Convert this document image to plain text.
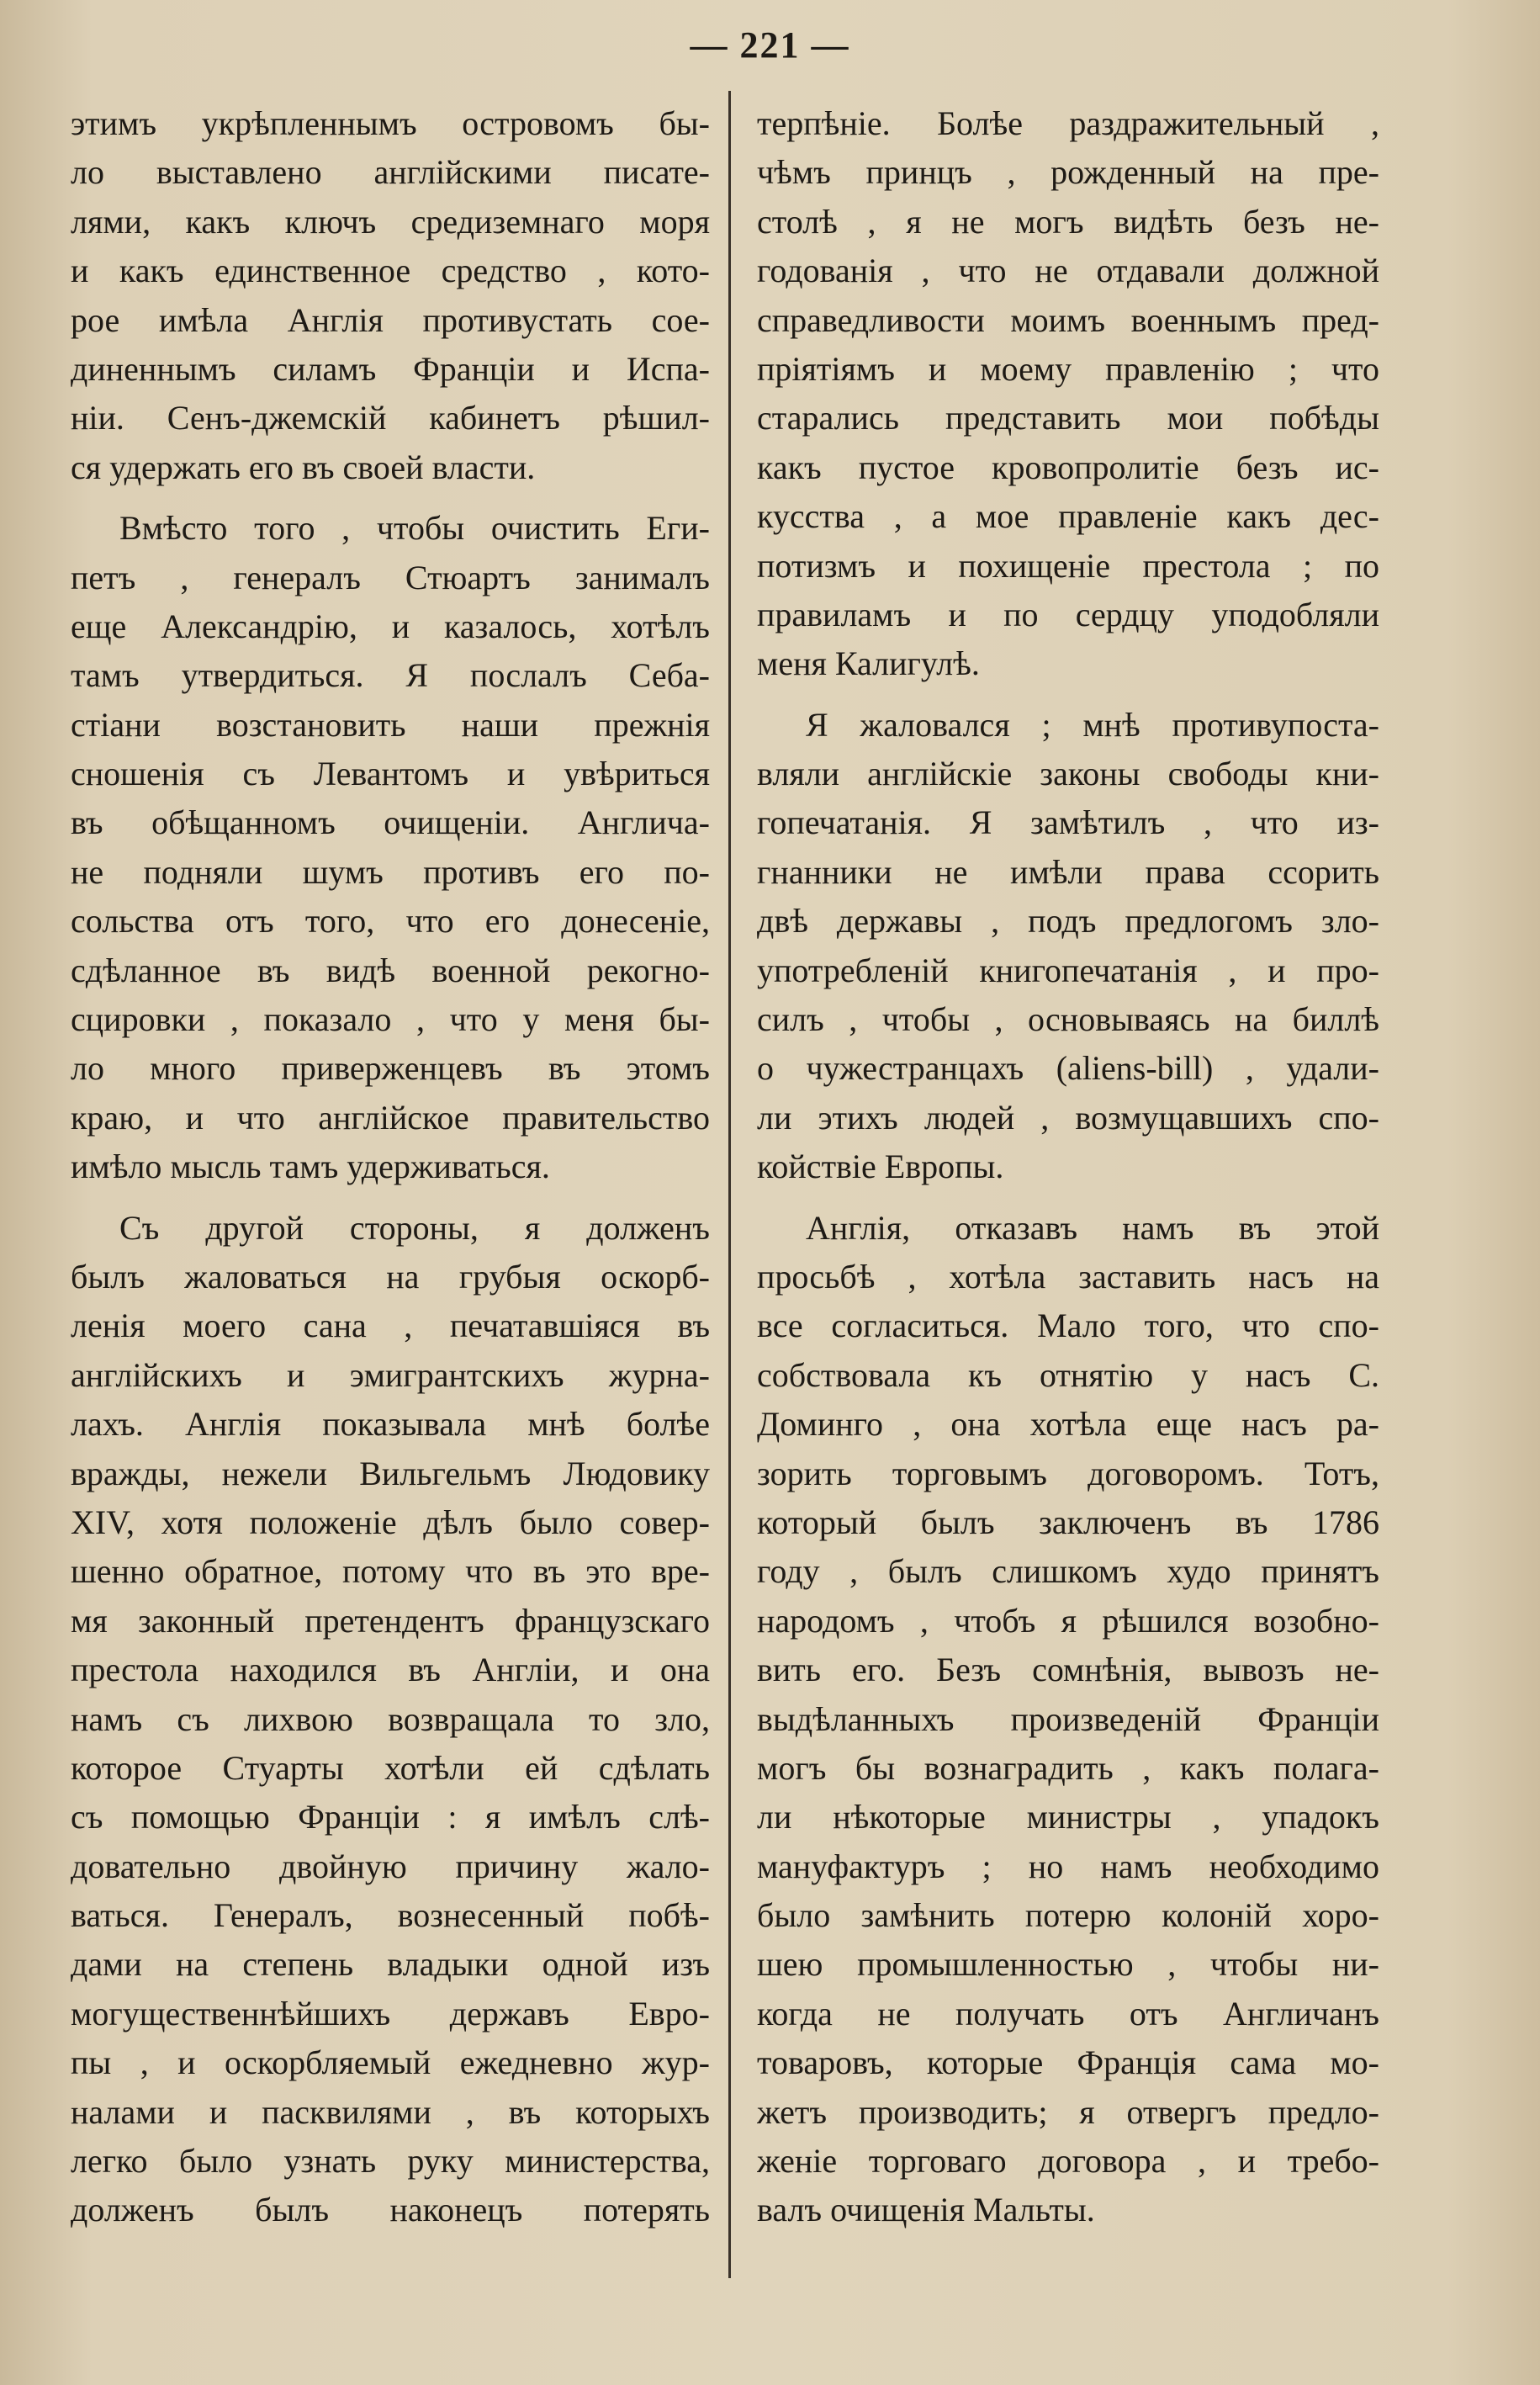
— 221 —
этимъ укрѣпленнымъ островомъ бы-
ло выставлено англійскими писате-
лями, какъ ключъ средиземнаго моря
и какъ единственное средство , кото-
рое имѣла Англія противустать сое-
диненнымъ силамъ Франціи и Испа-
ніи. Сенъ-джемскій кабинетъ рѣшил-
ся удержать его въ своей власти.
Вмѣсто того , чтобы очистить Еги-
петъ , генералъ Стюартъ занималъ
еще Александрію, и казалось, хотѣлъ
тамъ утвердиться. Я послалъ Себа-
стіани возстановить наши прежнія
сношенія съ Левантомъ и увѣриться
въ обѣщанномъ очищеніи. Англича-
не подняли шумъ противъ его по-
сольства отъ того, что его донесеніе,
сдѣланное въ видѣ военной рекогно-
сцировки , показало , что у меня бы-
ло много приверженцевъ въ этомъ
краю, и что англійское правительство
имѣло мысль тамъ удерживаться.
Съ другой стороны, я долженъ
былъ жаловаться на грубыя оскорб-
ленія моего сана , печатавшіяся въ
англійскихъ и эмигрантскихъ журна-
лахъ. Англія показывала мнѣ болѣе
вражды, нежели Вильгельмъ Людовику
XIV, хотя положеніе дѣлъ было совер-
шенно обратное, потому что въ это вре-
мя законный претендентъ французскаго
престола находился въ Англіи, и она
намъ съ лихвою возвращала то зло,
которое Стуарты хотѣли ей сдѣлать
съ помощью Франціи : я имѣлъ слѣ-
довательно двойную причину жало-
ваться. Генералъ, вознесенный побѣ-
дами на степень владыки одной изъ
могущественнѣйшихъ державъ Евро-
пы , и оскорбляемый ежедневно жур-
налами и пасквилями , въ которыхъ
легко было узнать руку министерства,
долженъ былъ наконецъ потерять
терпѣніе. Болѣе раздражительный ,
чѣмъ принцъ , рожденный на пре-
столѣ , я не могъ видѣть безъ не-
годованія , что не отдавали должной
справедливости моимъ военнымъ пред-
пріятіямъ и моему правленію ; что
старались представить мои побѣды
какъ пустое кровопролитіе безъ ис-
кусства , а мое правленіе какъ дес-
потизмъ и похищеніе престола ; по
правиламъ и по сердцу уподобляли
меня Калигулѣ.
Я жаловался ; мнѣ противупоста-
вляли англійскіе законы свободы кни-
гопечатанія. Я замѣтилъ , что из-
гнанники не имѣли права ссорить
двѣ державы , подъ предлогомъ зло-
употребленій книгопечатанія , и про-
силъ , чтобы , основываясь на биллѣ
о чужестранцахъ (aliens-bill) , удали-
ли этихъ людей , возмущавшихъ спо-
койствіе Европы.
Англія, отказавъ намъ въ этой
просьбѣ , хотѣла заставить насъ на
все согласиться. Мало того, что спо-
собствовала къ отнятію у насъ С.
Доминго , она хотѣла еще насъ ра-
зорить торговымъ договоромъ. Тотъ,
который былъ заключенъ въ 1786
году , былъ слишкомъ худо принятъ
народомъ , чтобъ я рѣшился возобно-
вить его. Безъ сомнѣнія, вывозъ не-
выдѣланныхъ произведеній Франціи
могъ бы вознаградить , какъ полага-
ли нѣкоторые министры , упадокъ
мануфактуръ ; но намъ необходимо
было замѣнить потерю колоній хоро-
шею промышленностью , чтобы ни-
когда не получать отъ Англичанъ
товаровъ, которые Франція сама мо-
жетъ производить; я отвергъ предло-
женіе торговаго договора , и требо-
валъ очищенія Мальты.
